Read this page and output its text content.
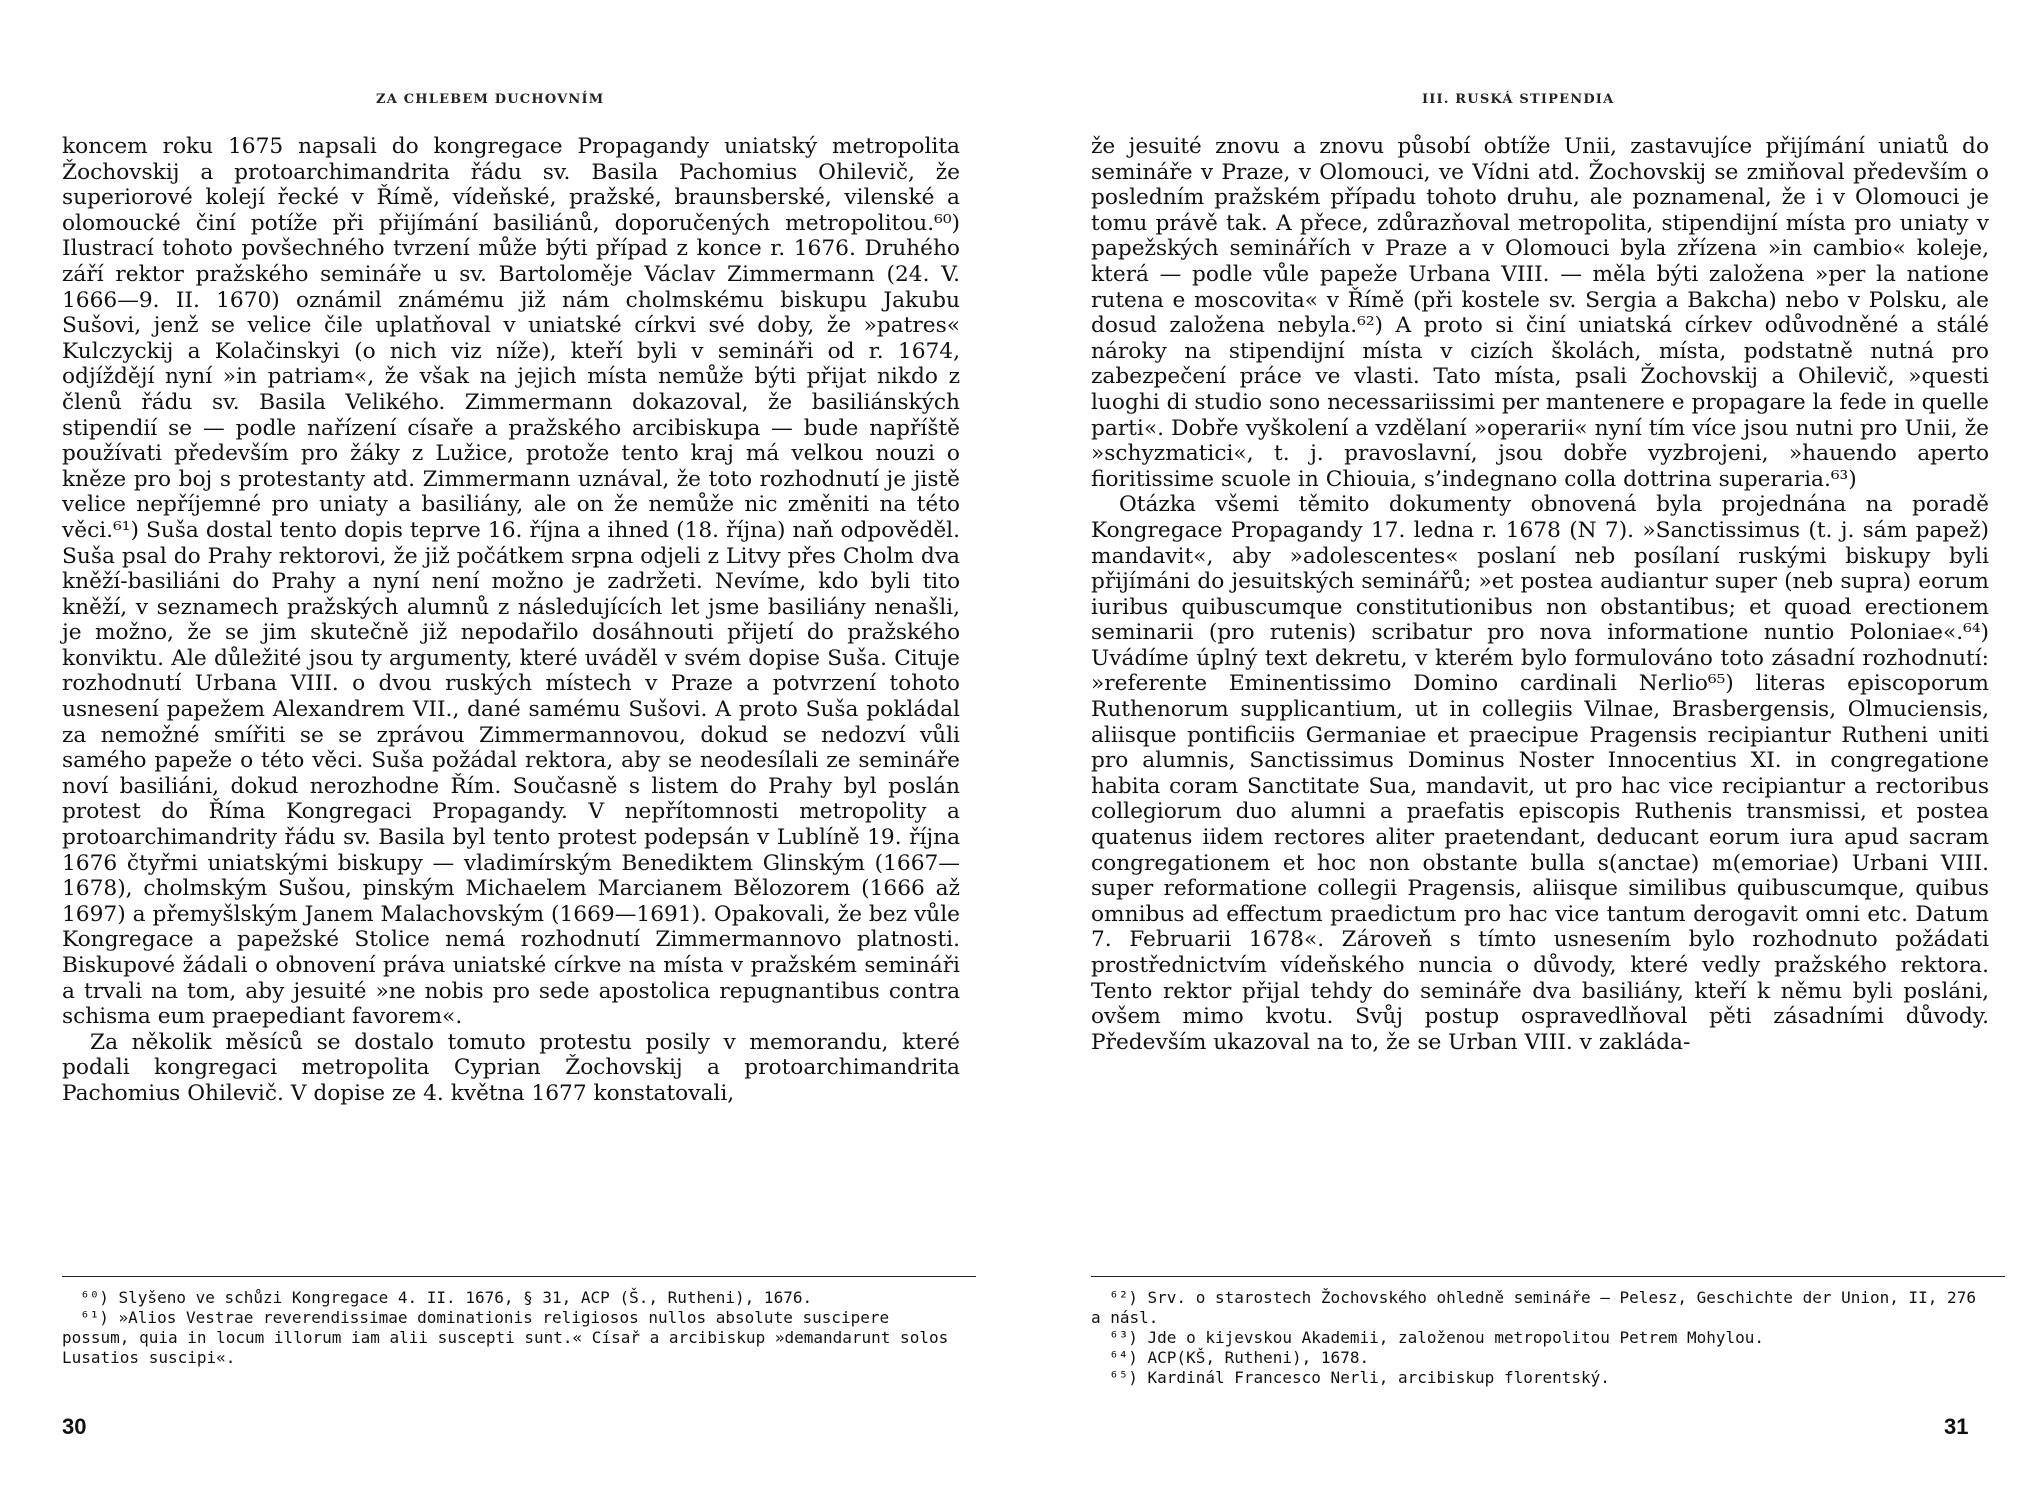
ZA CHLEBEM DUCHOVNÍM

koncem roku 1675 napsali do kongregace Propagandy uniatský metropolita Žochovskij a protoarchimandrita řádu sv. Basila Pachomius Ohilevič, že superiorové kolejí řecké v Římě, vídeňské, pražské, braunsberské, vilenské a olomoucké činí potíže při přijímání basiliánů, doporučených metropolitou.⁶⁰) Ilustrací tohoto povšechného tvrzení může býti případ z konce r. 1676. Druhého září rektor pražského semináře u sv. Bartoloměje Václav Zimmermann (24. V. 1666—9. II. 1670) oznámil známému již nám cholmskému biskupu Jakubu Sušovi, jenž se velice čile uplatňoval v uniatské církvi své doby, že »patres« Kulczyckij a Kolačinskyi (o nich viz níže), kteří byli v semináři od r. 1674, odjíždějí nyní »in patriam«, že však na jejich místa nemůže býti přijat nikdo z členů řádu sv. Basila Velikého. Zimmermann dokazoval, že basiliánských stipendií se — podle nařízení císaře a pražského arcibiskupa — bude napříště používati především pro žáky z Lužice, protože tento kraj má velkou nouzi o kněze pro boj s protestanty atd. Zimmermann uznával, že toto rozhodnutí je jistě velice nepříjemné pro uniaty a basiliány, ale on že nemůže nic změniti na této věci.⁶¹) Suša dostal tento dopis teprve 16. října a ihned (18. října) naň odpověděl. Suša psal do Prahy rektorovi, že již počátkem srpna odjeli z Litvy přes Cholm dva kněží-basiliáni do Prahy a nyní není možno je zadržeti. Nevíme, kdo byli tito kněží, v seznamech pražských alumnů z následujících let jsme basiliány nenašli, je možno, že se jim skutečně již nepodařilo dosáhnouti přijetí do pražského konviktu. Ale důležité jsou ty argumenty, které uváděl v svém dopise Suša. Cituje rozhodnutí Urbana VIII. o dvou ruských místech v Praze a potvrzení tohoto usnesení papežem Alexandrem VII., dané samému Sušovi. A proto Suša pokládal za nemožné smířiti se se zprávou Zimmermannovou, dokud se nedozví vůli samého papeže o této věci. Suša požádal rektora, aby se neodesílali ze semináře noví basiliáni, dokud nerozhodne Řím. Současně s listem do Prahy byl poslán protest do Říma Kongregaci Propagandy. V nepřítomnosti metropolity a protoarchimandrity řádu sv. Basila byl tento protest podepsán v Lublíně 19. října 1676 čtyřmi uniatskými biskupy — vladimírským Benediktem Glinským (1667—1678), cholmským Sušou, pinským Michaelem Marcianem Bělozorem (1666 až 1697) a přemyšlským Janem Malachovským (1669—1691). Opakovali, že bez vůle Kongregace a papežské Stolice nemá rozhodnutí Zimmermannovo platnosti. Biskupové žádali o obnovení práva uniatské církve na místa v pražském semináři a trvali na tom, aby jesuité »ne nobis pro sede apostolica repugnantibus contra schisma eum praepediant favorem«.

Za několik měsíců se dostalo tomuto protestu posily v memorandu, které podali kongregaci metropolita Cyprian Žochovskij a protoarchimandrita Pachomius Ohilevič. V dopise ze 4. května 1677 konstatovali,

⁶⁰) Slyšeno ve schůzi Kongregace 4. II. 1676, § 31, ACP (Š., Rutheni), 1676.

⁶¹) »Alios Vestrae reverendissimae dominationis religiosos nullos absolute suscipere possum, quia in locum illorum iam alii suscepti sunt.« Císař a arcibiskup »demandarunt solos Lusatios suscipi«.

30
III. RUSKÁ STIPENDIA

že jesuité znovu a znovu působí obtíže Unii, zastavujíce přijímání uniatů do semináře v Praze, v Olomouci, ve Vídni atd. Žochovskij se zmiňoval především o posledním pražském případu tohoto druhu, ale poznamenal, že i v Olomouci je tomu právě tak. A přece, zdůrazňoval metropolita, stipendijní místa pro uniaty v papežských seminářích v Praze a v Olomouci byla zřízena »in cambio« koleje, která — podle vůle papeže Urbana VIII. — měla býti založena »per la natione rutena e moscovita« v Římě (při kostele sv. Sergia a Bakcha) nebo v Polsku, ale dosud založena nebyla.⁶²) A proto si činí uniatská církev odůvodněné a stálé nároky na stipendijní místa v cizích školách, místa, podstatně nutná pro zabezpečení práce ve vlasti. Tato místa, psali Žochovskij a Ohilevič, »questi luoghi di studio sono necessariissimi per mantenere e propagare la fede in quelle parti«. Dobře vyškolení a vzdělaní »operarii« nyní tím více jsou nutni pro Unii, že »schyzmatici«, t. j. pravoslavní, jsou dobře vyzbrojeni, »hauendo aperto fioritissime scuole in Chiouia, s’indegnano colla dottrina superaria.⁶³)

Otázka všemi těmito dokumenty obnovená byla projednána na poradě Kongregace Propagandy 17. ledna r. 1678 (N 7). »Sanctissimus (t. j. sám papež) mandavit«, aby »adolescentes« poslaní neb posílaní ruskými biskupy byli přijímáni do jesuitských seminářů; »et postea audiantur super (neb supra) eorum iuribus quibuscumque constitutionibus non obstantibus; et quoad erectionem seminarii (pro rutenis) scribatur pro nova informatione nuntio Poloniae«.⁶⁴) Uvádíme úplný text dekretu, v kterém bylo formulováno toto zásadní rozhodnutí: »referente Eminentissimo Domino cardinali Nerlio⁶⁵) literas episcoporum Ruthenorum supplicantium, ut in collegiis Vilnae, Brasbergensis, Olmuciensis, aliisque pontificiis Germaniae et praecipue Pragensis recipiantur Rutheni uniti pro alumnis, Sanctissimus Dominus Noster Innocentius XI. in congregatione habita coram Sanctitate Sua, mandavit, ut pro hac vice recipiantur a rectoribus collegiorum duo alumni a praefatis episcopis Ruthenis transmissi, et postea quatenus iidem rectores aliter praetendant, deducant eorum iura apud sacram congregationem et hoc non obstante bulla s(anctae) m(emoriae) Urbani VIII. super reformatione collegii Pragensis, aliisque similibus quibuscumque, quibus omnibus ad effectum praedictum pro hac vice tantum derogavit omni etc. Datum 7. Februarii 1678«. Zároveň s tímto usnesením bylo rozhodnuto požádati prostřednictvím vídeňského nuncia o důvody, které vedly pražského rektora. Tento rektor přijal tehdy do semináře dva basiliány, kteří k němu byli posláni, ovšem mimo kvotu. Svůj postup ospravedlňoval pěti zásadními důvody. Především ukazoval na to, že se Urban VIII. v zakláda-

⁶²) Srv. o starostech Žochovského ohledně semináře — Pelesz, Geschichte der Union, II, 276 a násl.

⁶³) Jde o kijevskou Akademii, založenou metropolitou Petrem Mohylou.

⁶⁴) ACP(KŠ, Rutheni), 1678.

⁶⁵) Kardinál Francesco Nerli, arcibiskup florentský.

31
